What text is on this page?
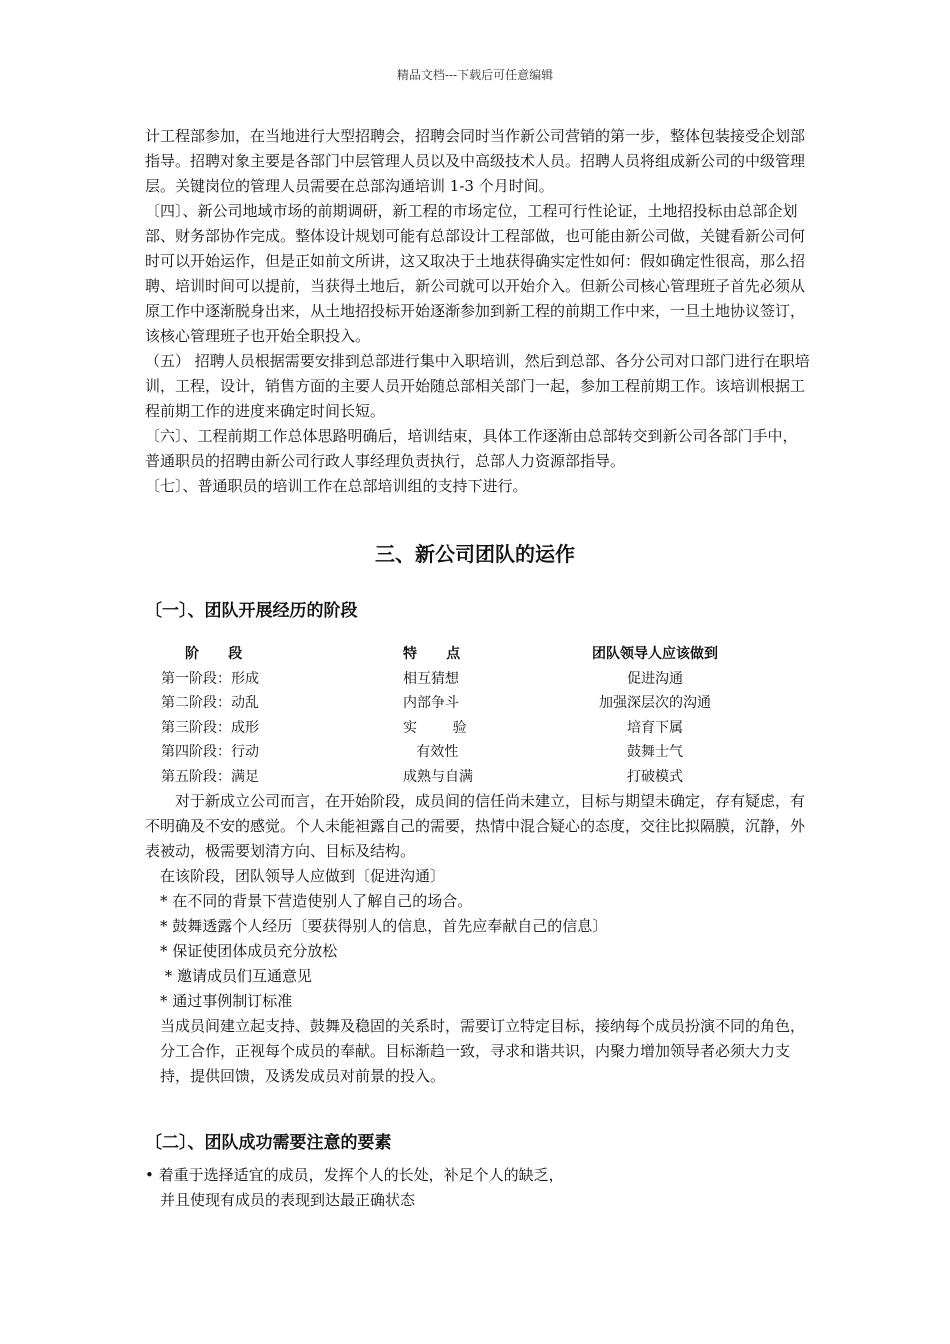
精品文档---下载后可任意编辑

计工程部参加，在当地进行大型招聘会，招聘会同时当作新公司营销的第一步，整体包装接受企划部指导。招聘对象主要是各部门中层管理人员以及中高级技术人员。招聘人员将组成新公司的中级管理层。关键岗位的管理人员需要在总部沟通培训 1-3 个月时间。

〔四〕、新公司地域市场的前期调研，新工程的市场定位，工程可行性论证，土地招投标由总部企划部、财务部协作完成。整体设计规划可能有总部设计工程部做，也可能由新公司做，关键看新公司何时可以开始运作，但是正如前文所讲，这又取决于土地获得确实定性如何：假如确定性很高，那么招聘、培训时间可以提前，当获得土地后，新公司就可以开始介入。但新公司核心管理班子首先必须从原工作中逐渐脱身出来，从土地招投标开始逐渐参加到新工程的前期工作中来，一旦土地协议签订，该核心管理班子也开始全职投入。

（五） 招聘人员根据需要安排到总部进行集中入职培训，然后到总部、各分公司对口部门进行在职培训，工程，设计，销售方面的主要人员开始随总部相关部门一起，参加工程前期工作。该培训根据工程前期工作的进度来确定时间长短。

〔六〕、工程前期工作总体思路明确后，培训结束，具体工作逐渐由总部转交到新公司各部门手中，普通职员的招聘由新公司行政人事经理负责执行，总部人力资源部指导。

〔七〕、普通职员的培训工作在总部培训组的支持下进行。

三、新公司团队的运作
〔一〕、团队开展经历的阶段
阶      段	特      点	团队领导人应该做到
第一阶段：形成	相互猜想	促进沟通
第二阶段：动乱	内部争斗	加强深层次的沟通
第三阶段：成形	实        验	培育下属
第四阶段：行动	有效性	鼓舞士气
第五阶段：满足	成熟与自满	打破模式

对于新成立公司而言，在开始阶段，成员间的信任尚未建立，目标与期望未确定，存有疑虑，有不明确及不安的感觉。个人未能袒露自己的需要，热情中混合疑心的态度，交往比拟隔膜，沉静，外表被动，极需要划清方向、目标及结构。

在该阶段，团队领导人应做到〔促进沟通〕

* 在不同的背景下营造使别人了解自己的场合。

* 鼓舞透露个人经历〔要获得别人的信息，首先应奉献自己的信息〕

* 保证使团体成员充分放松

* 邀请成员们互通意见

* 通过事例制订标准

当成员间建立起支持、鼓舞及稳固的关系时，需要订立特定目标，接纳每个成员扮演不同的角色，分工合作，正视每个成员的奉献。目标渐趋一致，寻求和谐共识，内聚力增加领导者必须大力支持，提供回馈，及诱发成员对前景的投入。

〔二〕、团队成功需要注意的要素

• 着重于选择适宜的成员，发挥个人的长处，补足个人的缺乏，

并且使现有成员的表现到达最正确状态
